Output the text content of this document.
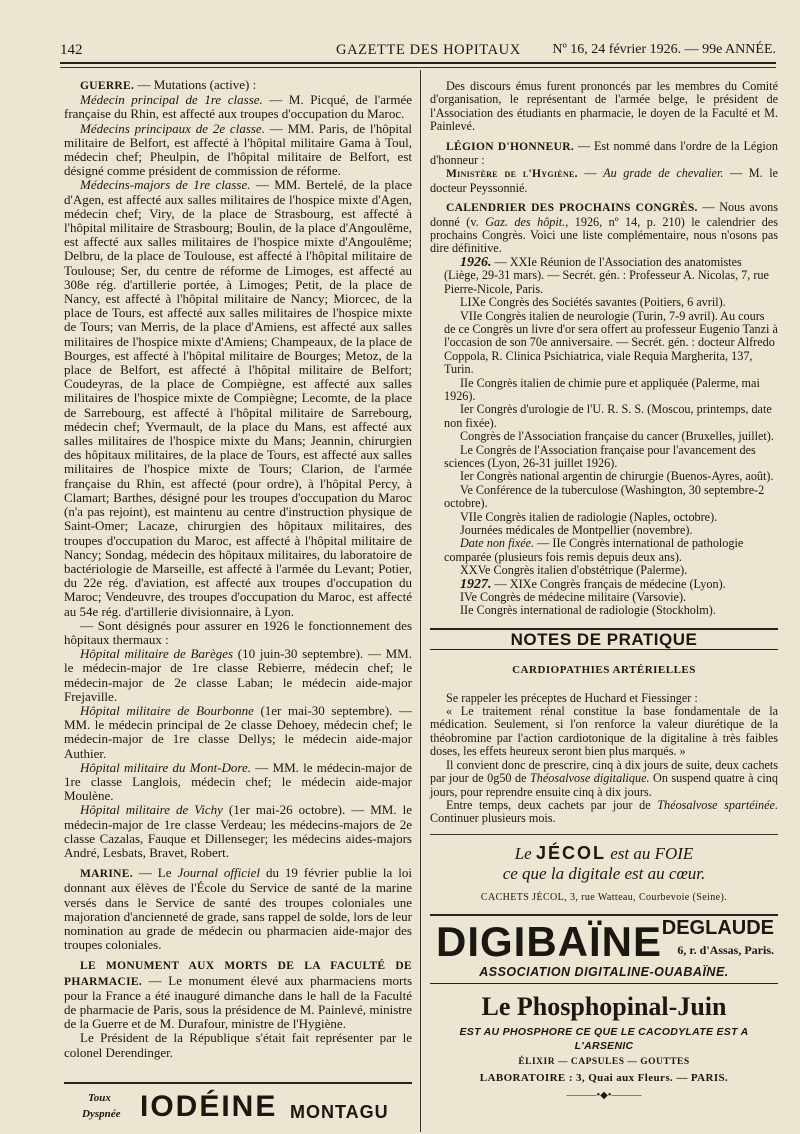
142	GAZETTE DES HOPITAUX Nº 16, 24 février 1926. — 99e ANNÉE.

GUERRE. — Mutations (active) :

Médecin principal de 1re classe. — M. Picqué, de l'armée française du Rhin, est affecté aux troupes d'occupation du Maroc.

Médecins principaux de 2e classe. — MM. Paris, de l'hôpital militaire de Belfort, est affecté à l'hôpital militaire Gama à Toul, médecin chef; Pheulpin, de l'hôpital militaire de Belfort, est désigné comme président de commission de réforme.

Médecins-majors de 1re classe. — MM. Bertelé, de la place d'Agen, est affecté aux salles militaires de l'hospice mixte d'Agen, médecin chef; Viry, de la place de Strasbourg, est affecté à l'hôpital militaire de Strasbourg; Boulin, de la place d'Angoulême, est affecté aux salles militaires de l'hospice mixte d'Angoulême; Delbru, de la place de Toulouse, est affecté à l'hôpital militaire de Toulouse; Ser, du centre de réforme de Limoges, est affecté au 308e rég. d'artillerie portée, à Limoges; Petit, de la place de Nancy, est affecté à l'hôpital militaire de Nancy; Miorcec, de la place de Tours, est affecté aux salles militaires de l'hospice mixte de Tours; van Merris, de la place d'Amiens, est affecté aux salles militaires de l'hospice mixte d'Amiens; Champeaux, de la place de Bourges, est affecté à l'hôpital militaire de Bourges; Metoz, de la place de Belfort, est affecté à l'hôpital militaire de Belfort; Coudeyras, de la place de Compiègne, est affecté aux salles militaires de l'hospice mixte de Compiègne; Lecomte, de la place de Sarrebourg, est affecté à l'hôpital militaire de Sarrebourg, médecin chef; Yvermault, de la place du Mans, est affecté aux salles militaires de l'hospice mixte du Mans; Jeannin, chirurgien des hôpitaux militaires, de la place de Tours, est affecté aux salles militaires de l'hospice mixte de Tours; Clarion, de l'armée française du Rhin, est affecté (pour ordre), à l'hôpital Percy, à Clamart; Barthes, désigné pour les troupes d'occupation du Maroc (n'a pas rejoint), est maintenu au centre d'instruction physique de Saint-Omer; Lacaze, chirurgien des hôpitaux militaires, des troupes d'occupation du Maroc, est affecté à l'hôpital militaire de Nancy; Sondag, médecin des hôpitaux militaires, du laboratoire de bactériologie de Marseille, est affecté à l'armée du Levant; Potier, du 22e rég. d'aviation, est affecté aux troupes d'occupation du Maroc; Vendeuvre, des troupes d'occupation du Maroc, est affecté au 54e rég. d'artillerie divisionnaire, à Lyon.

— Sont désignés pour assurer en 1926 le fonctionnement des hôpitaux thermaux :

Hôpital militaire de Barèges (10 juin-30 septembre). — MM. le médecin-major de 1re classe Rebierre, médecin chef; le médecin-major de 2e classe Laban; le médecin aide-major Frejaville.

Hôpital militaire de Bourbonne (1er mai-30 septembre). — MM. le médecin principal de 2e classe Dehoey, médecin chef; le médecin-major de 1re classe Dellys; le médecin aide-major Authier.

Hôpital militaire du Mont-Dore. — MM. le médecin-major de 1re classe Langlois, médecin chef; le médecin aide-major Moulène.

Hôpital militaire de Vichy (1er mai-26 octobre). — MM. le médecin-major de 1re classe Verdeau; les médecins-majors de 2e classe Cazalas, Fauque et Dillenseger; les médecins aides-majors André, Lesbats, Bravet, Robert.

MARINE. — Le Journal officiel du 19 février publie la loi donnant aux élèves de l'École du Service de santé de la marine versés dans le Service de santé des troupes coloniales une majoration d'ancienneté de grade, sans rappel de solde, lors de leur nomination au grade de médecin ou pharmacien aide-major des troupes coloniales.

LE MONUMENT AUX MORTS DE LA FACULTÉ DE PHARMACIE. — Le monument élevé aux pharmaciens morts pour la France a été inauguré dimanche dans le hall de la Faculté de pharmacie de Paris, sous la présidence de M. Painlevé, ministre de la Guerre et de M. Durafour, ministre de l'Hygiène.

Le Président de la République s'était fait représenter par le colonel Derendinger.

Toux
Dyspnée IODÉINE MONTAGU

Des discours émus furent prononcés par les membres du Comité d'organisation, le représentant de l'armée belge, le président de l'Association des étudiants en pharmacie, le doyen de la Faculté et M. Painlevé.

LÉGION D'HONNEUR. — Est nommé dans l'ordre de la Légion d'honneur :

Ministère de l'Hygiène. — Au grade de chevalier. — M. le docteur Peyssonnié.

CALENDRIER DES PROCHAINS CONGRÈS. — Nous avons donné (v. Gaz. des hôpit., 1926, nº 14, p. 210) le calendrier des prochains Congrès. Voici une liste complémentaire, nous n'osons pas dire définitive.

1926. — XXIe Réunion de l'Association des anatomistes (Liège, 29-31 mars). — Secrét. gén. : Professeur A. Nicolas, 7, rue Pierre-Nicole, Paris.

LIXe Congrès des Sociétés savantes (Poitiers, 6 avril).

VIIe Congrès italien de neurologie (Turin, 7-9 avril). Au cours de ce Congrès un livre d'or sera offert au professeur Eugenio Tanzi à l'occasion de son 70e anniversaire. — Secrét. gén. : docteur Alfredo Coppola, R. Clinica Psichiatrica, viale Requia Margherita, 137, Turin.

IIe Congrès italien de chimie pure et appliquée (Palerme, mai 1926).

Ier Congrès d'urologie de l'U. R. S. S. (Moscou, printemps, date non fixée).

Congrès de l'Association française du cancer (Bruxelles, juillet).

Le Congrès de l'Association française pour l'avancement des sciences (Lyon, 26-31 juillet 1926).

Ier Congrès national argentin de chirurgie (Buenos-Ayres, août).

Ve Conférence de la tuberculose (Washington, 30 septembre-2 octobre).

VIIe Congrès italien de radiologie (Naples, octobre).

Journées médicales de Montpellier (novembre).

Date non fixée. — IIe Congrès international de pathologie comparée (plusieurs fois remis depuis deux ans).

XXVe Congrès italien d'obstétrique (Palerme).

1927. — XIXe Congrès français de médecine (Lyon).

IVe Congrès de médecine militaire (Varsovie).

IIe Congrès international de radiologie (Stockholm).

NOTES DE PRATIQUE
CARDIOPATHIES ARTÉRIELLES

Se rappeler les préceptes de Huchard et Fiessinger :

« Le traitement rénal constitue la base fondamentale de la médication. Seulement, si l'on renforce la valeur diurétique de la théobromine par l'action cardiotonique de la digitaline à très faibles doses, les effets heureux seront bien plus marqués. »

Il convient donc de prescrire, cinq à dix jours de suite, deux cachets par jour de 0g50 de Théosalvose digitalique. On suspend quatre à cinq jours, pour reprendre ensuite cinq à dix jours.

Entre temps, deux cachets par jour de Théosalvose spartéinée. Continuer plusieurs mois.

Le JÉCOL est au FOIE
ce que la digitale est au cœur.
CACHETS JÉCOL, 3, rue Watteau, Courbevoie (Seine).
DIGIBAÏNE DEGLAUDE
6, r. d'Assas, Paris.
ASSOCIATION DIGITALINE-OUABAÏNE.
Le Phosphopinal-Juin
EST AU PHOSPHORE CE QUE LE CACODYLATE EST A L'ARSENIC
ÉLIXIR — CAPSULES — GOUTTES
LABORATOIRE : 3, Quai aux Fleurs. — PARIS.
———•◆•———
